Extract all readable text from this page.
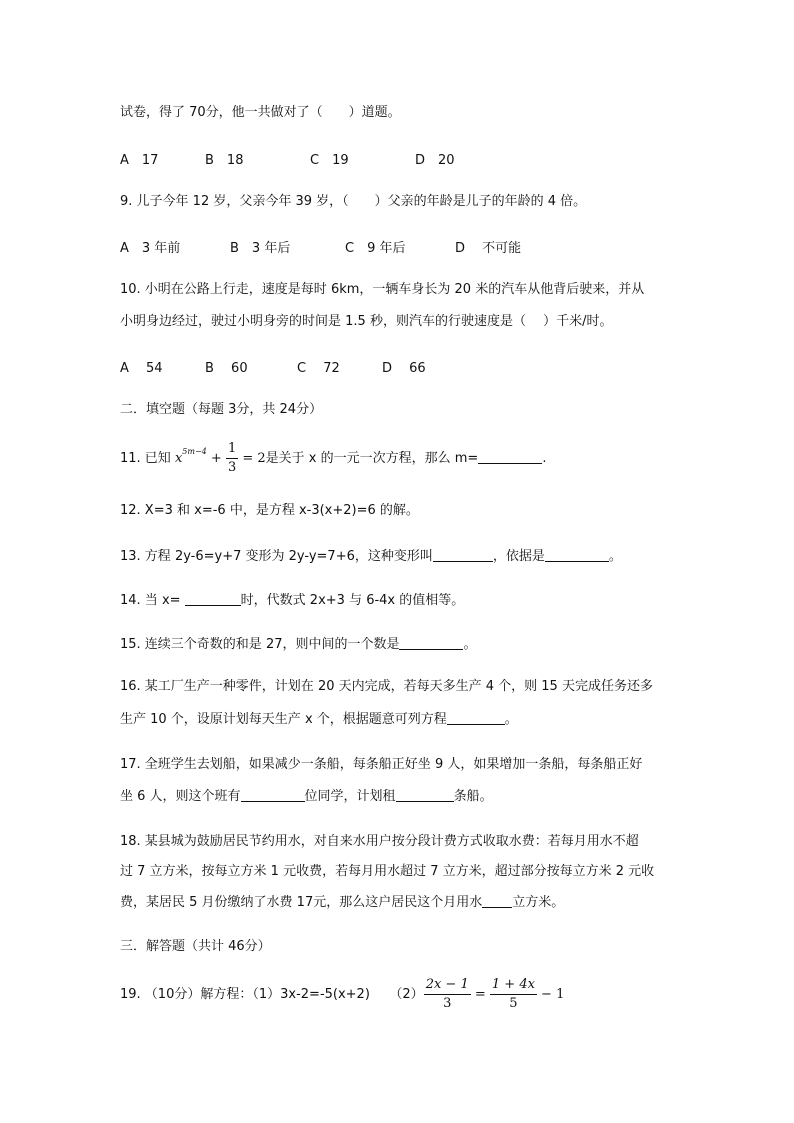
试卷，得了 70分，他一共做对了（　　）道题。
A　17	B　18	C　19	D　20
9. 儿子今年 12 岁，父亲今年 39 岁，（　　）父亲的年龄是儿子的年龄的 4 倍。
A　3 年前	B　3 年后	C　9 年后	D　 不可能
10. 小明在公路上行走，速度是每时 6km，一辆车身长为 20 米的汽车从他背后驶来，并从
小明身边经过，驶过小明身旁的时间是 1.5 秒，则汽车的行驶速度是（　 ）千米/时。
A　 54	B　 60	C　 72	D　 66
二．填空题（每题 3分，共 24分）
11. 已知 $x^{5m-4} + \frac{1}{3} = 2$是关于 x 的一元一次方程，那么 m=	.
12. X=3 和 x=-6 中，是方程 x-3(x+2)=6 的解。
13. 方程 2y-6=y+7 变形为 2y-y=7+6，这种变形叫	，依据是	。
14. 当 x=	时，代数式 2x+3 与 6-4x 的值相等。
15. 连续三个奇数的和是 27，则中间的一个数是	。
16. 某工厂生产一种零件，计划在 20 天内完成，若每天多生产 4 个，则 15 天完成任务还多
生产 10 个，设原计划每天生产 x 个，根据题意可列方程	。
17. 全班学生去划船，如果减少一条船，每条船正好坐 9 人，如果增加一条船，每条船正好
坐 6 人，则这个班有	位同学，计划租	条船。
18. 某县城为鼓励居民节约用水，对自来水用户按分段计费方式收取水费：若每月用水不超
过 7 立方米，按每立方米 1 元收费，若每月用水超过 7 立方米，超过部分按每立方米 2 元收
费，某居民 5 月份缴纳了水费 17元，那么这户居民这个月用水 立方米。
三．解答题（共计 46分）
19. （10分）解方程：（1）3x-2=-5(x+2)　　$(2) \frac{2x - 1}{3} = \frac{1 + 4x}{5} - 1$
